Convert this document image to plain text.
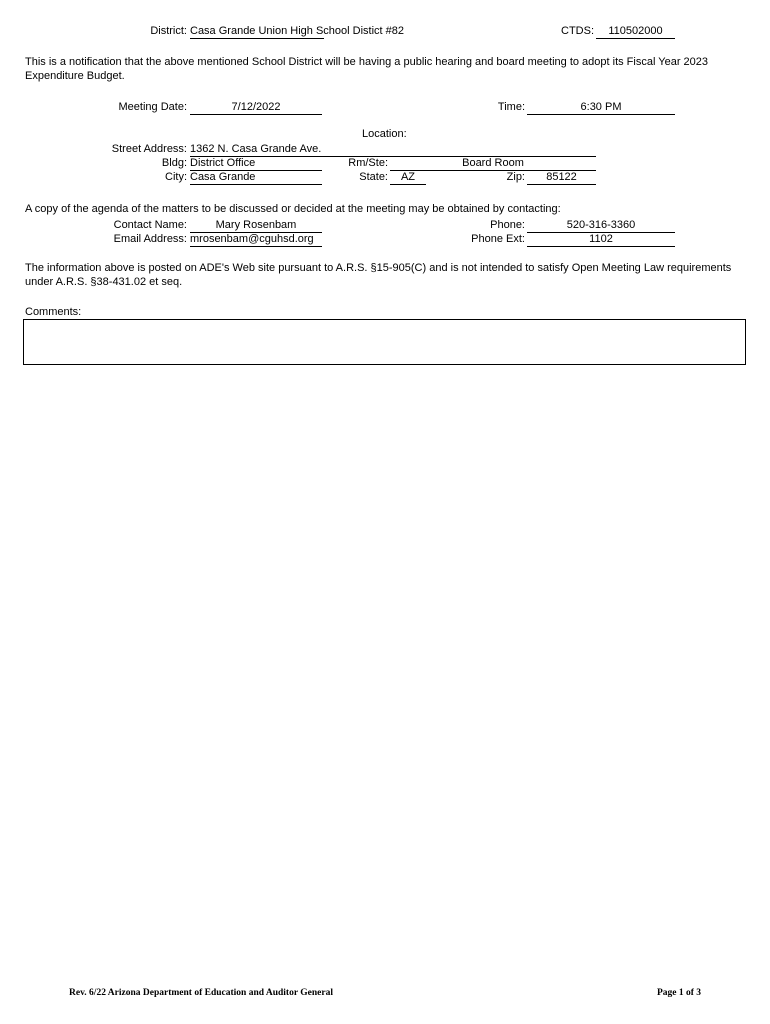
District: Casa Grande Union High School Distict #82	CTDS:	110502000
This is a notification that the above mentioned School District will be having a public hearing and board meeting to adopt its Fiscal Year 2023 Expenditure Budget.
Meeting Date:	7/12/2022	Time:	6:30 PM
Location:
Street Address: 1362 N. Casa Grande Ave.
Bldg: District Office	Rm/Ste:	Board Room
City: Casa Grande	State:	AZ	Zip:	85122
A copy of the agenda of the matters to be discussed or decided at the meeting may be obtained by contacting:
Contact Name:	Mary Rosenbam	Phone:	520-316-3360
Email Address: mrosenbam@cguhsd.org	Phone Ext:	1102
The information above is posted on ADE's Web site pursuant to A.R.S. §15-905(C) and is not intended to satisfy Open Meeting Law requirements under A.R.S. §38-431.02 et seq.
Comments:
Rev. 6/22 Arizona Department of Education and Auditor General	Page 1 of 3
